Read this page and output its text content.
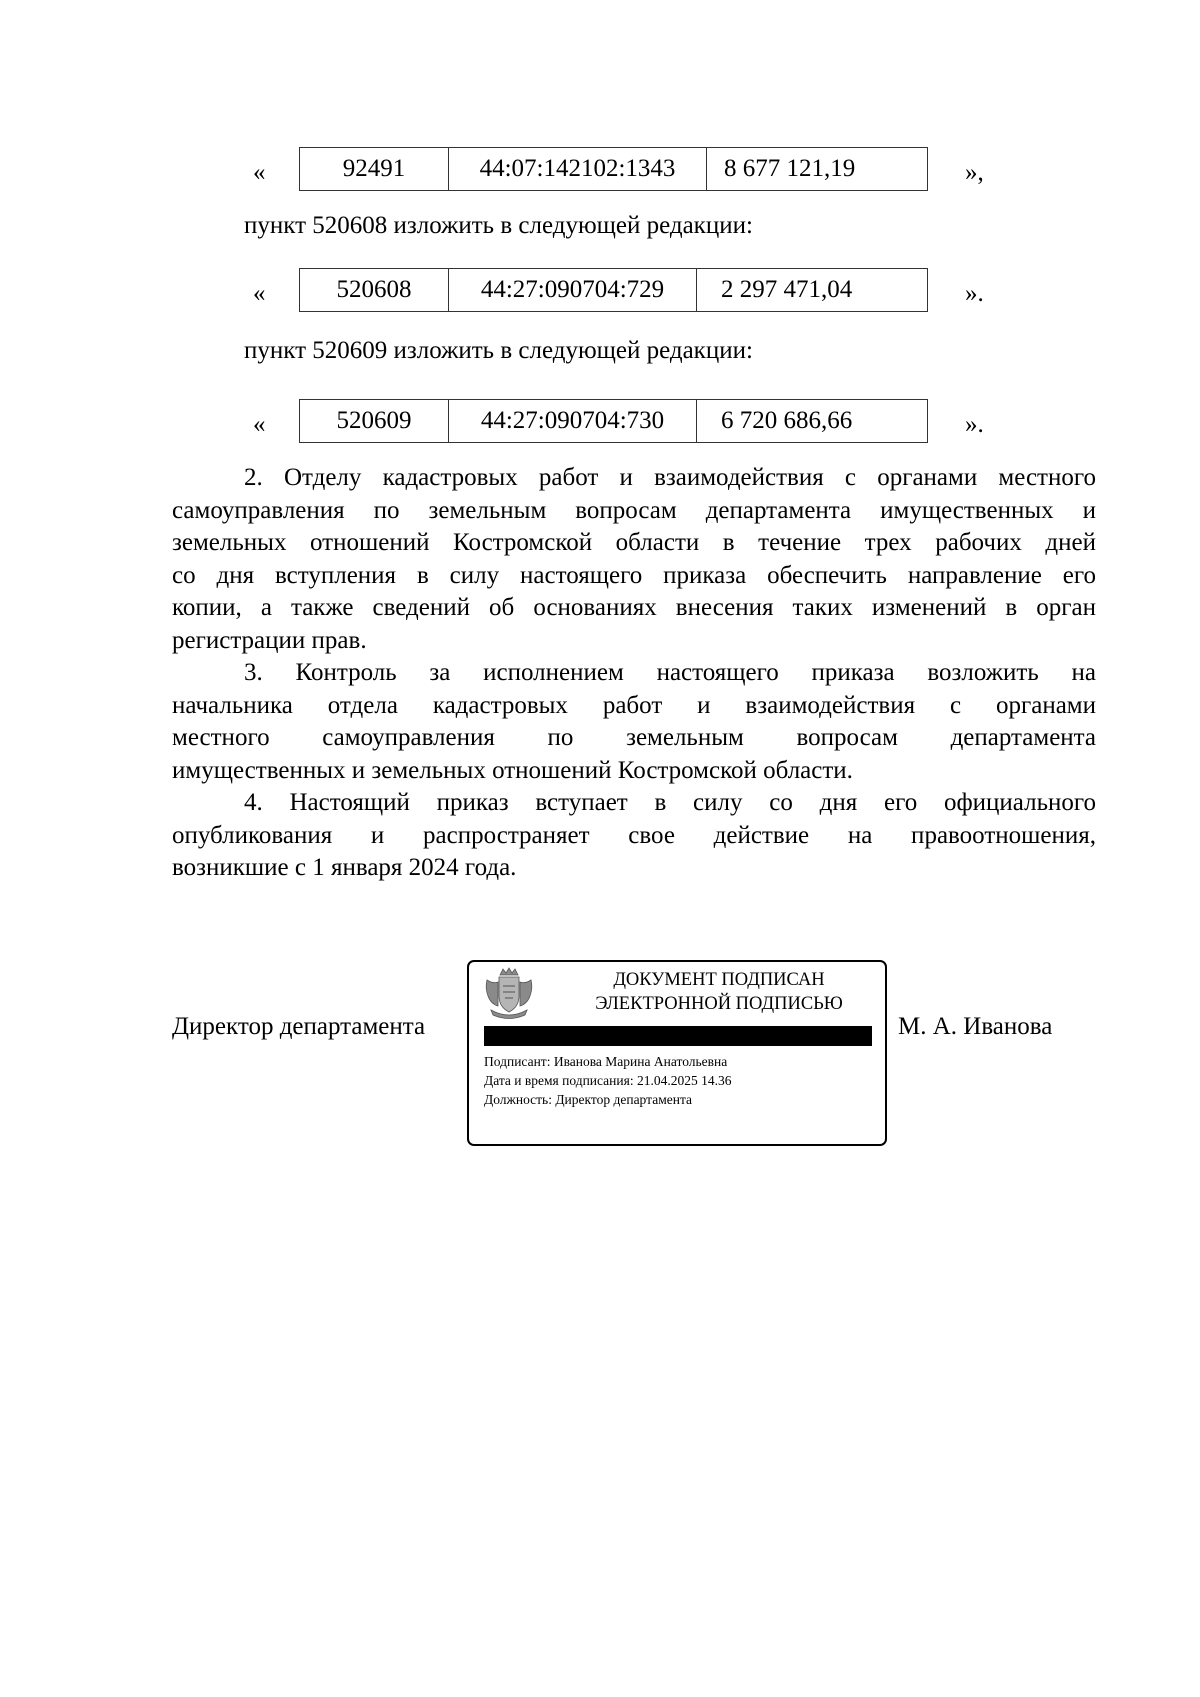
«	92491	44:07:142102:1343	8 677 121,19	»,
пункт 520608 изложить в следующей редакции:
«	520608	44:27:090704:729	2 297 471,04	».
пункт 520609 изложить в следующей редакции:
«	520609	44:27:090704:730	6 720 686,66	».

2. Отделу кадастровых работ и взаимодействия с органами местного
самоуправления по земельным вопросам департамента имущественных и
земельных отношений Костромской области в течение трех рабочих дней
со дня вступления в силу настоящего приказа обеспечить направление его
копии, а также сведений об основаниях внесения таких изменений в орган
регистрации прав.

3. Контроль за исполнением настоящего приказа возложить на
начальника отдела кадастровых работ и взаимодействия с органами
местного самоуправления по земельным вопросам департамента
имущественных и земельных отношений Костромской области.

4. Настоящий приказ вступает в силу со дня его официального
опубликования и распространяет свое действие на правоотношения,
возникшие с 1 января 2024 года.

Директор департамента
ДОКУМЕНТ ПОДПИСАН
ЭЛЕКТРОННОЙ ПОДПИСЬЮ
Подписант: Иванова Марина Анатольевна
Дата и время подписания: 21.04.2025 14.36
Должность: Директор департамента
М. А. Иванова
